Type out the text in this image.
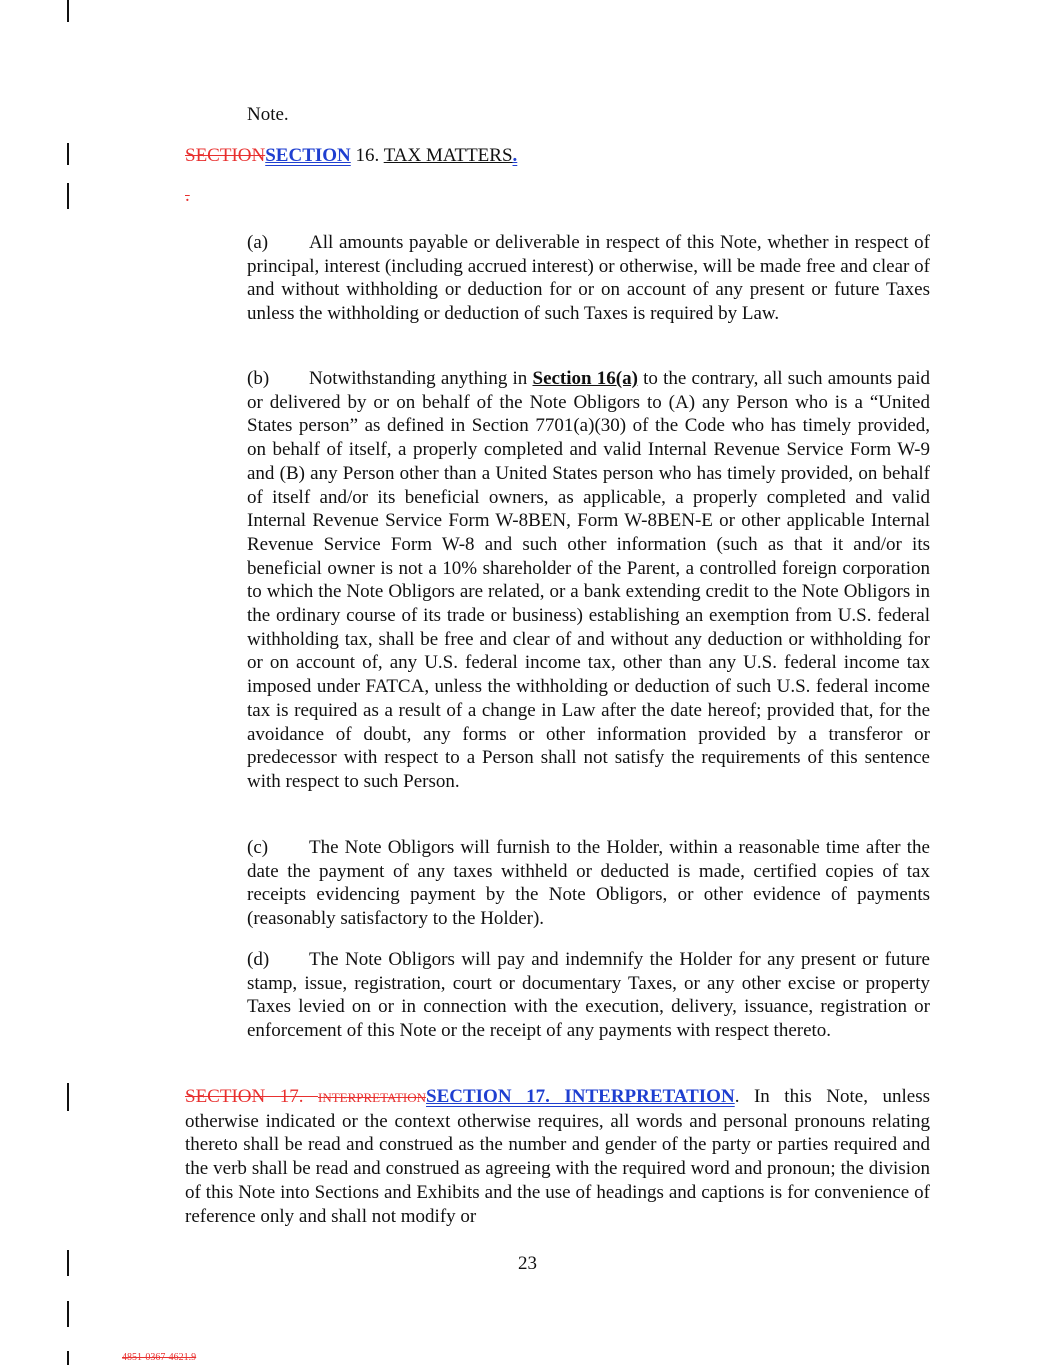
Note.

SECTIONSECTION 16. TAX MATTERS.

.

(a) All amounts payable or deliverable in respect of this Note, whether in respect of principal, interest (including accrued interest) or otherwise, will be made free and clear of and without withholding or deduction for or on account of any present or future Taxes unless the withholding or deduction of such Taxes is required by Law.

(b) Notwithstanding anything in Section 16(a) to the contrary, all such amounts paid or delivered by or on behalf of the Note Obligors to (A) any Person who is a “United States person” as defined in Section 7701(a)(30) of the Code who has timely provided, on behalf of itself, a properly completed and valid Internal Revenue Service Form W-9 and (B) any Person other than a United States person who has timely provided, on behalf of itself and/or its beneficial owners, as applicable, a properly completed and valid Internal Revenue Service Form W-8BEN, Form W-8BEN-E or other applicable Internal Revenue Service Form W-8 and such other information (such as that it and/or its beneficial owner is not a 10% shareholder of the Parent, a controlled foreign corporation to which the Note Obligors are related, or a bank extending credit to the Note Obligors in the ordinary course of its trade or business) establishing an exemption from U.S. federal withholding tax, shall be free and clear of and without any deduction or withholding for or on account of, any U.S. federal income tax, other than any U.S. federal income tax imposed under FATCA, unless the withholding or deduction of such U.S. federal income tax is required as a result of a change in Law after the date hereof; provided that, for the avoidance of doubt, any forms or other information provided by a transferor or predecessor with respect to a Person shall not satisfy the requirements of this sentence with respect to such Person.

(c) The Note Obligors will furnish to the Holder, within a reasonable time after the date the payment of any taxes withheld or deducted is made, certified copies of tax receipts evidencing payment by the Note Obligors, or other evidence of payments (reasonably satisfactory to the Holder).

(d) The Note Obligors will pay and indemnify the Holder for any present or future stamp, issue, registration, court or documentary Taxes, or any other excise or property Taxes levied on or in connection with the execution, delivery, issuance, registration or enforcement of this Note or the receipt of any payments with respect thereto.

SECTION 17. INTERPRETATIONSECTION 17. INTERPRETATION. In this Note, unless otherwise indicated or the context otherwise requires, all words and personal pronouns relating thereto shall be read and construed as the number and gender of the party or parties required and the verb shall be read and construed as agreeing with the required word and pronoun; the division of this Note into Sections and Exhibits and the use of headings and captions is for convenience of reference only and shall not modify or

23
4851-0367-4621.9
